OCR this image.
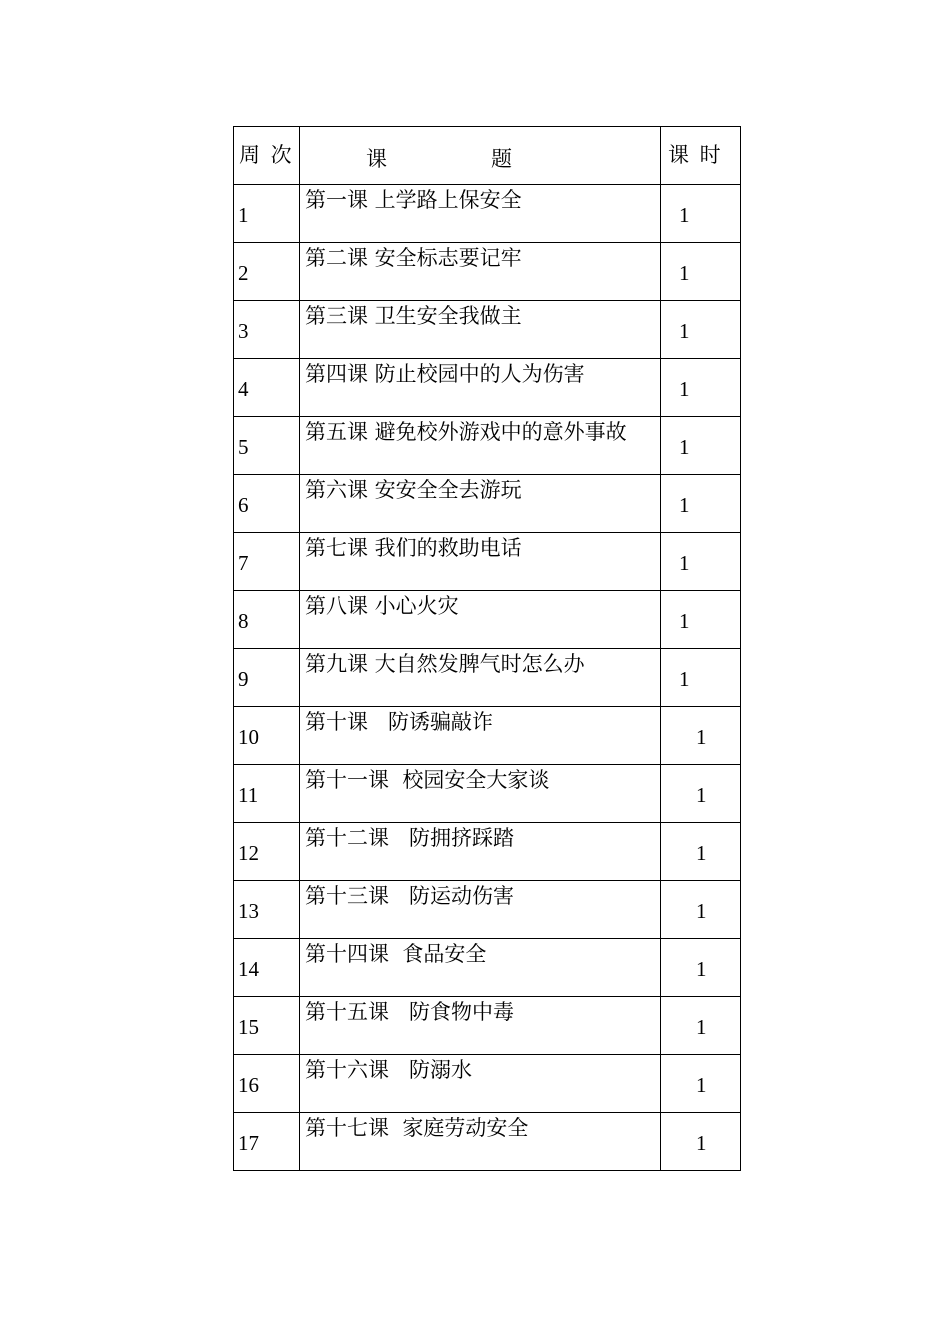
周 次	课 题	课 时
1	第一课 上学路上保安全	1
2	第二课 安全标志要记牢	1
3	第三课 卫生安全我做主	1
4	第四课 防止校园中的人为伤害	1
5	第五课 避免校外游戏中的意外事故	1
6	第六课 安安全全去游玩	1
7	第七课 我们的救助电话	1
8	第八课 小心火灾	1
9	第九课 大自然发脾气时怎么办	1
10	第十课   防诱骗敲诈	1
11	第十一课  校园安全大家谈	1
12	第十二课   防拥挤踩踏	1
13	第十三课   防运动伤害	1
14	第十四课  食品安全	1
15	第十五课   防食物中毒	1
16	第十六课   防溺水	1
17	第十七课  家庭劳动安全	1
